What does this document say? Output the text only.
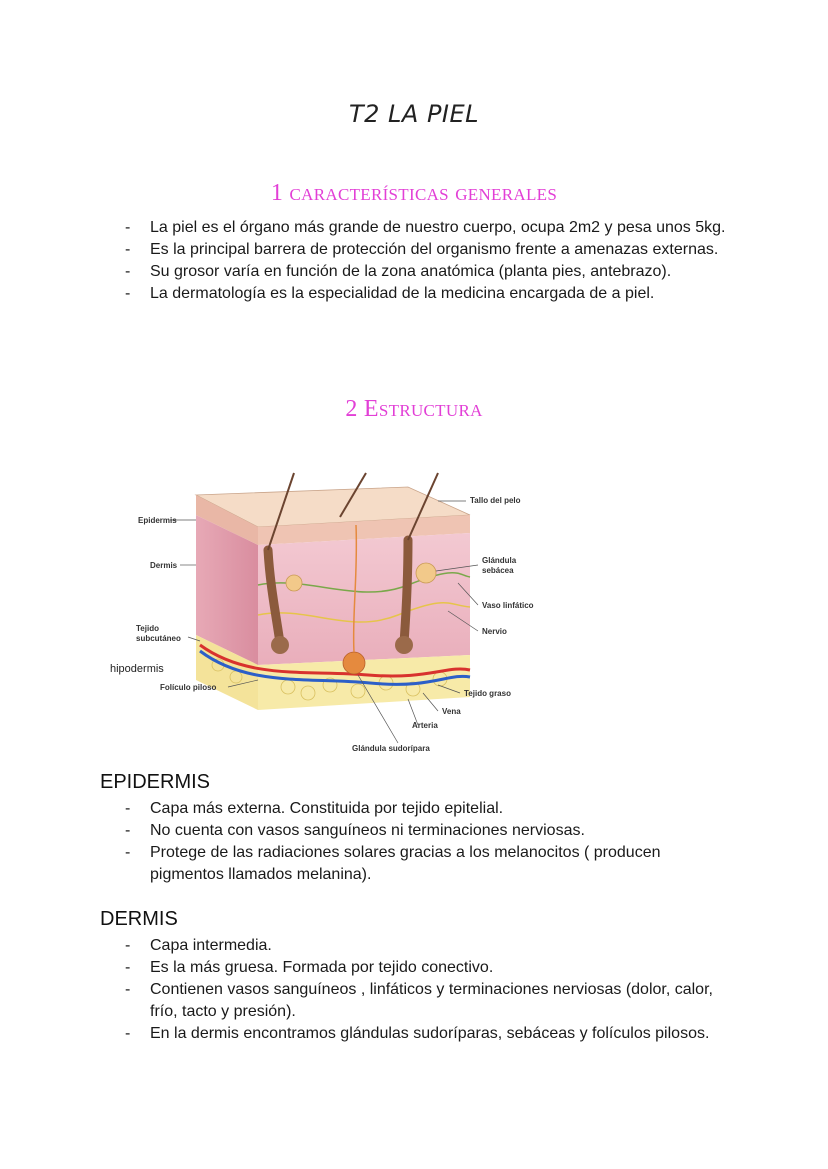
T2 LA PIEL
1 características generales
- La piel es el órgano más grande de nuestro cuerpo, ocupa 2m2 y pesa unos 5kg.
- Es la principal barrera de protección del organismo frente a amenazas externas.
- Su grosor varía en función de la zona anatómica (planta pies, antebrazo).
- La dermatología es la especialidad de la medicina encargada de a piel.
2 Estructura
Epidermis
Dermis
Tejido
subcutáneo
hipodermis
Folículo piloso
Tallo del pelo
Glándula
sebácea
Vaso linfático
Nervio
Tejido graso
Vena
Arteria
Glándula sudorípara
EPIDERMIS
- Capa más externa. Constituida por tejido epitelial.
- No cuenta con vasos sanguíneos ni terminaciones nerviosas.
- Protege de las radiaciones solares gracias a los melanocitos ( producen pigmentos llamados melanina).
DERMIS
- Capa intermedia.
- Es la más gruesa. Formada por tejido conectivo.
- Contienen vasos sanguíneos , linfáticos y terminaciones nerviosas (dolor, calor, frío, tacto y presión).
- En la dermis encontramos glándulas sudoríparas, sebáceas y folículos pilosos.
